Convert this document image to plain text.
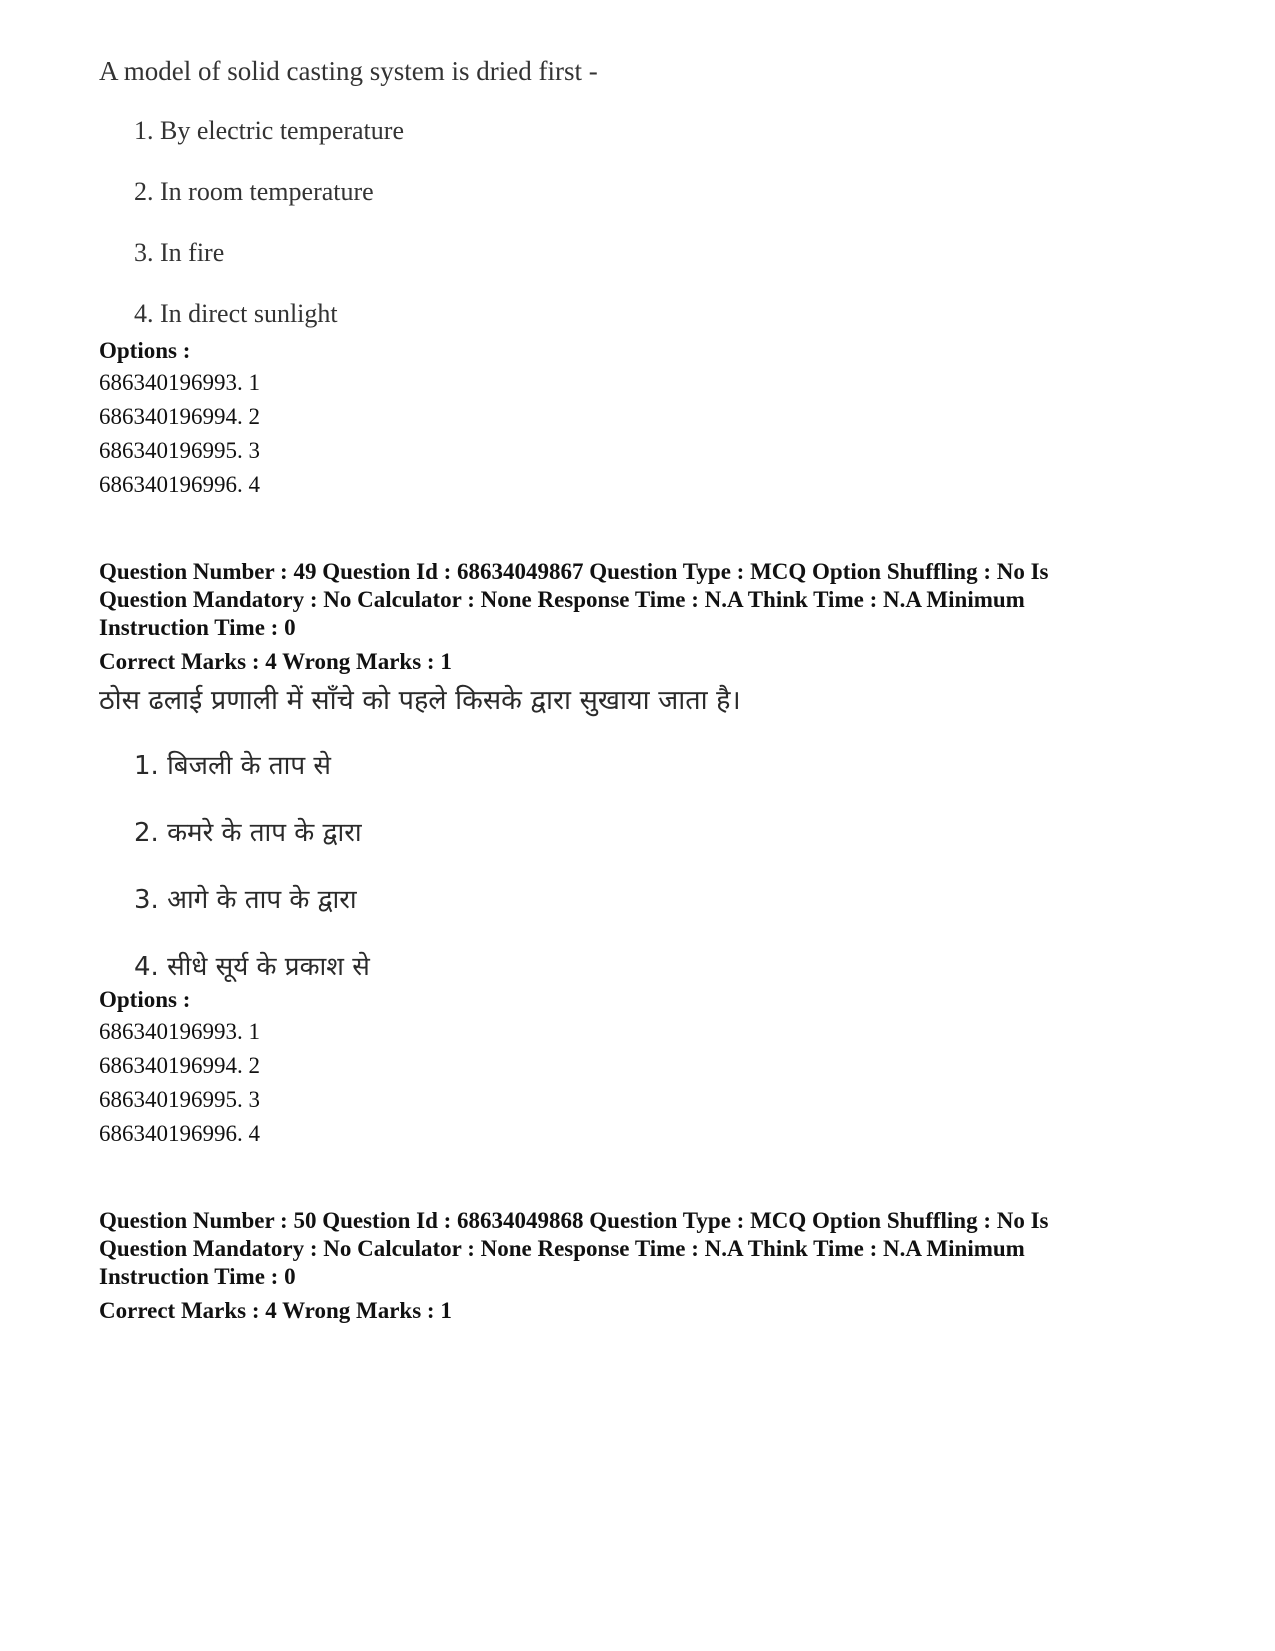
A model of solid casting system is dried first -
1. By electric temperature
2. In room temperature
3. In fire
4. In direct sunlight
Options :
686340196993. 1
686340196994. 2
686340196995. 3
686340196996. 4
Question Number : 49 Question Id : 68634049867 Question Type : MCQ Option Shuffling : No Is
Question Mandatory : No Calculator : None Response Time : N.A Think Time : N.A Minimum
Instruction Time : 0
Correct Marks : 4 Wrong Marks : 1
ठोस ढलाई प्रणाली में साँचे को पहले किसके द्वारा सुखाया जाता है।
1. बिजली के ताप से
2. कमरे के ताप के द्वारा
3. आगे के ताप के द्वारा
4. सीधे सूर्य के प्रकाश से
Options :
686340196993. 1
686340196994. 2
686340196995. 3
686340196996. 4
Question Number : 50 Question Id : 68634049868 Question Type : MCQ Option Shuffling : No Is
Question Mandatory : No Calculator : None Response Time : N.A Think Time : N.A Minimum
Instruction Time : 0
Correct Marks : 4 Wrong Marks : 1
